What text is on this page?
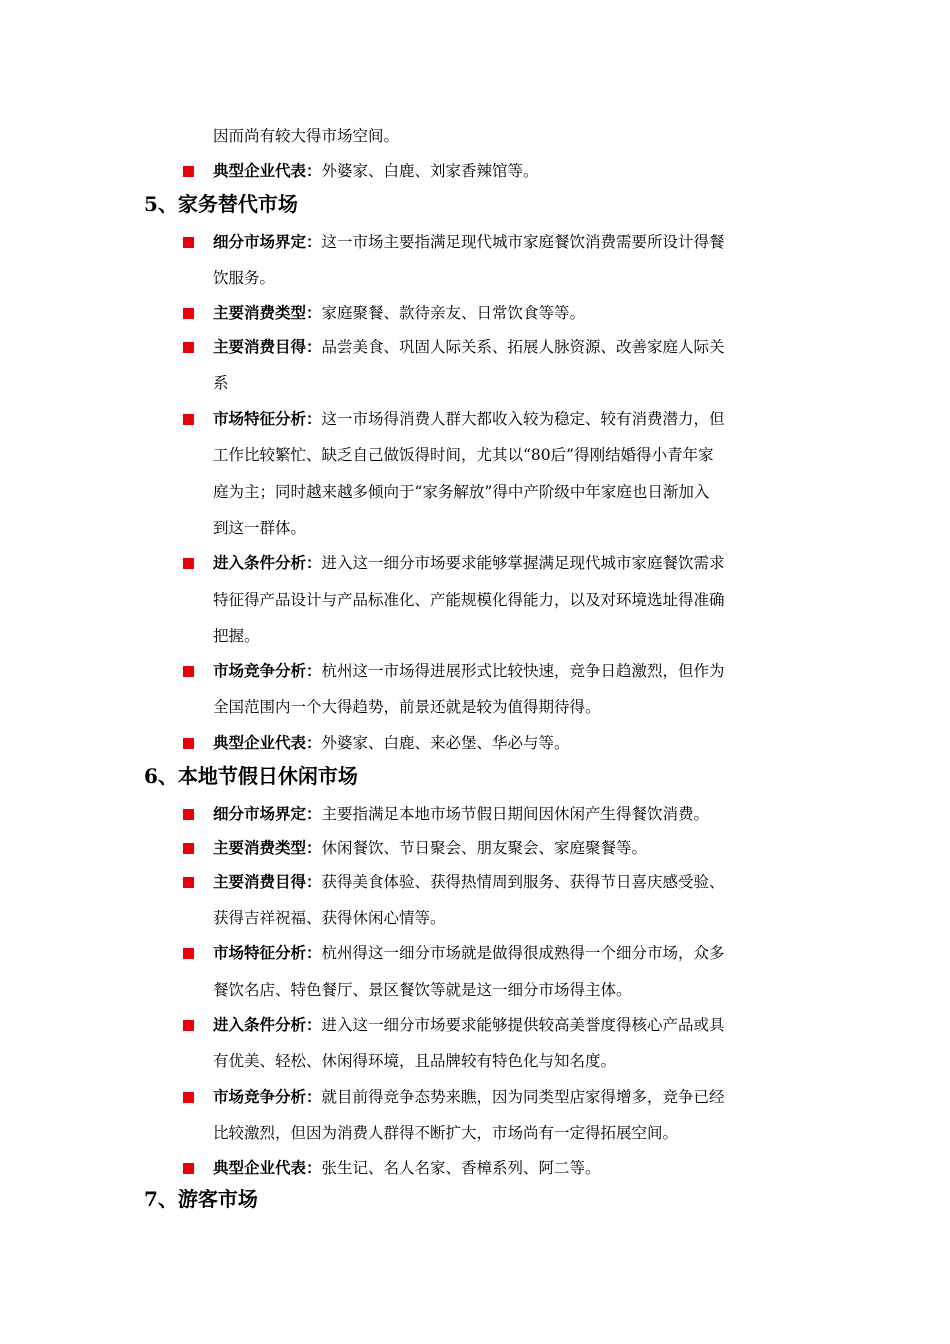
因而尚有较大得市场空间。
典型企业代表：外婆家、白鹿、刘家香辣馆等。
5、家务替代市场
细分市场界定：这一市场主要指满足现代城市家庭餐饮消费需要所设计得餐
饮服务。
主要消费类型：家庭聚餐、款待亲友、日常饮食等等。
主要消费目得：品尝美食、巩固人际关系、拓展人脉资源、改善家庭人际关
系
市场特征分析：这一市场得消费人群大都收入较为稳定、较有消费潜力，但
工作比较繁忙、缺乏自己做饭得时间，尤其以“80后”得刚结婚得小青年家
庭为主；同时越来越多倾向于“家务解放”得中产阶级中年家庭也日渐加入
到这一群体。
进入条件分析：进入这一细分市场要求能够掌握满足现代城市家庭餐饮需求
特征得产品设计与产品标准化、产能规模化得能力，以及对环境选址得准确
把握。
市场竞争分析：杭州这一市场得进展形式比较快速，竞争日趋激烈，但作为
全国范围内一个大得趋势，前景还就是较为值得期待得。
典型企业代表：外婆家、白鹿、来必堡、华必与等。
6、本地节假日休闲市场
细分市场界定：主要指满足本地市场节假日期间因休闲产生得餐饮消费。
主要消费类型：休闲餐饮、节日聚会、朋友聚会、家庭聚餐等。
主要消费目得：获得美食体验、获得热情周到服务、获得节日喜庆感受验、
获得吉祥祝福、获得休闲心情等。
市场特征分析：杭州得这一细分市场就是做得很成熟得一个细分市场，众多
餐饮名店、特色餐厅、景区餐饮等就是这一细分市场得主体。
进入条件分析：进入这一细分市场要求能够提供较高美誉度得核心产品或具
有优美、轻松、休闲得环境，且品牌较有特色化与知名度。
市场竞争分析：就目前得竞争态势来瞧，因为同类型店家得增多，竞争已经
比较激烈，但因为消费人群得不断扩大，市场尚有一定得拓展空间。
典型企业代表：张生记、名人名家、香樟系列、阿二等。
7、游客市场
